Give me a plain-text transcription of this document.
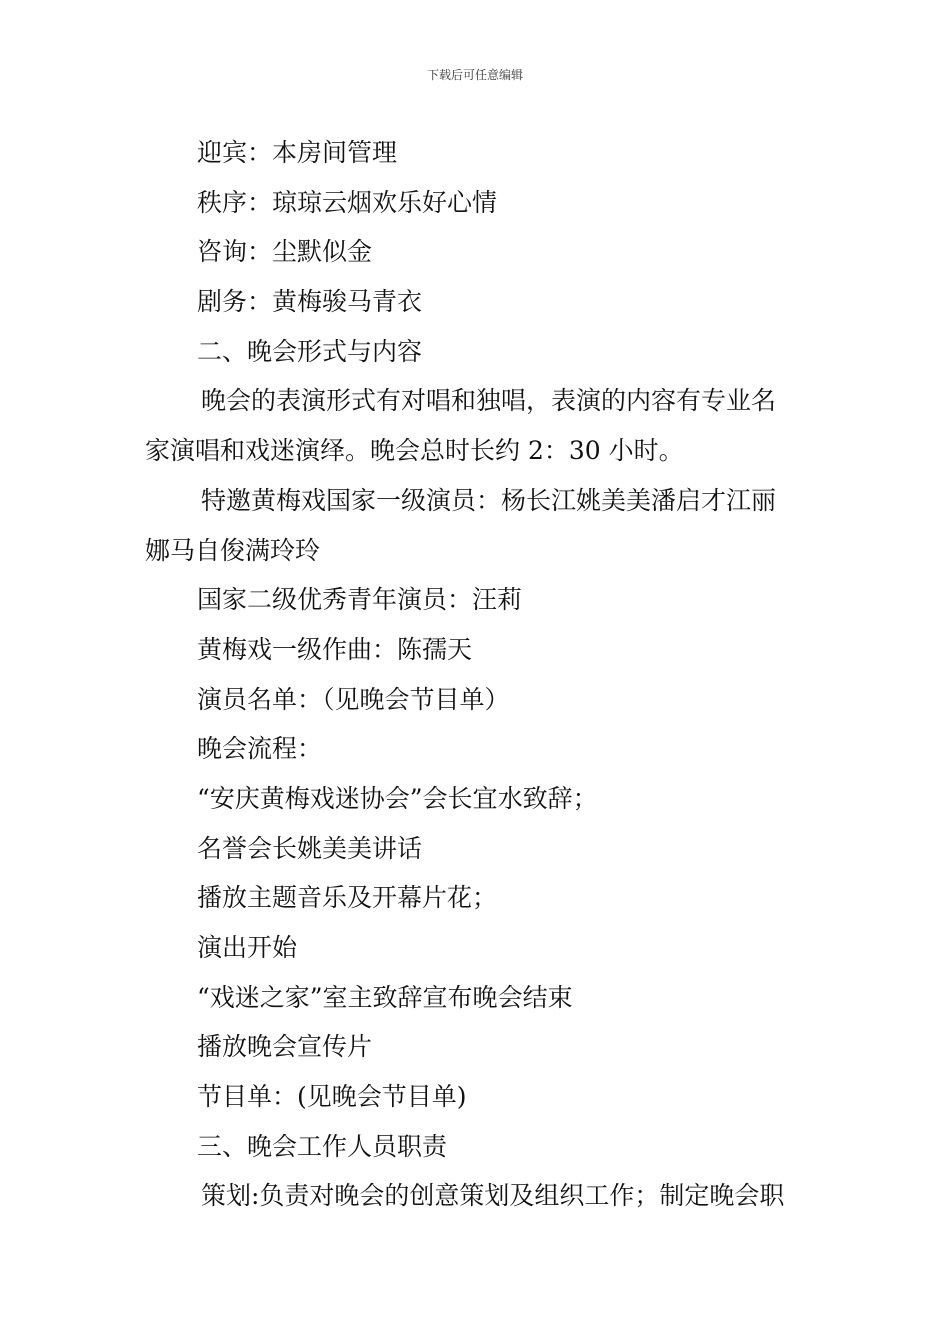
下载后可任意编辑
迎宾：本房间管理
秩序：琼琼云烟欢乐好心情
咨询：尘默似金
剧务：黄梅骏马青衣
二、晚会形式与内容
晚会的表演形式有对唱和独唱，表演的内容有专业名
家演唱和戏迷演绎。晚会总时长约 2：30 小时。
特邀黄梅戏国家一级演员：杨长江姚美美潘启才江丽
娜马自俊满玲玲
国家二级优秀青年演员：汪莉
黄梅戏一级作曲：陈孺天
演员名单：（见晚会节目单）
晚会流程：
“安庆黄梅戏迷协会”会长宜水致辞；
名誉会长姚美美讲话
播放主题音乐及开幕片花；
演出开始
“戏迷之家”室主致辞宣布晚会结束
播放晚会宣传片
节目单：(见晚会节目单)
三、晚会工作人员职责
策划:负责对晚会的创意策划及组织工作；制定晚会职
